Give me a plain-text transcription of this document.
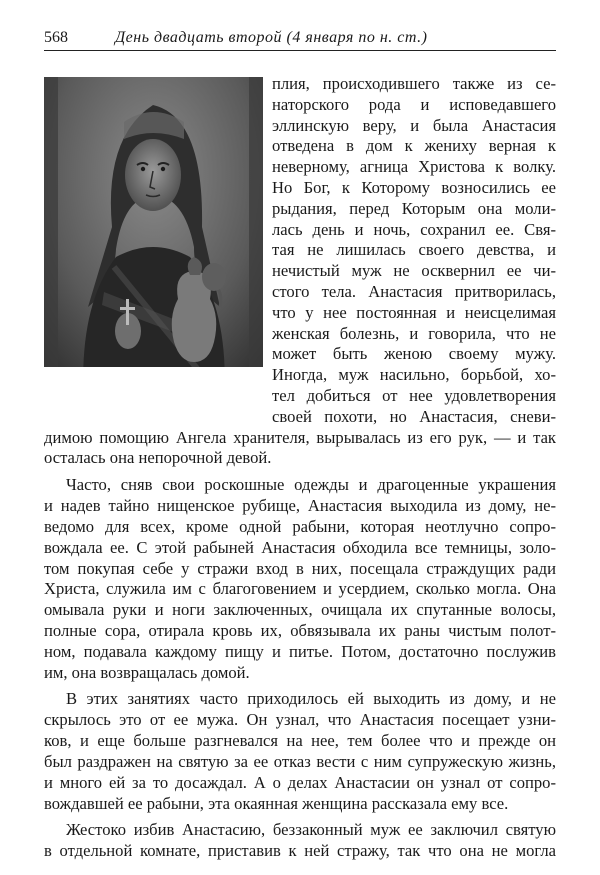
568	День двадцать второй (4 января по н. ст.)
плия, происходившего также из се-
наторского рода и исповедавшего
эллинскую веру, и была Анастасия
отведена в дом к жениху верная к
неверному, агница Христова к волку.
Но Бог, к Которому возносились ее
рыдания, перед Которым она моли-
лась день и ночь, сохранил ее. Свя-
тая не лишилась своего девства, и
нечистый муж не осквернил ее чи-
стого тела. Анастасия притворилась,
что у нее постоянная и неисцелимая
женская болезнь, и говорила, что не
может быть женою своему мужу.
Иногда, муж насильно, борьбой, хо-
тел добиться от нее удовлетворения
своей похоти, но Анастасия, сневи-
димою помощию Ангела хранителя, вырывалась из его рук, — и так
осталась она непорочной девой.
Часто, сняв свои роскошные одежды и драгоценные украшения
и надев тайно нищенское рубище, Анастасия выходила из дому, не-
ведомо для всех, кроме одной рабыни, которая неотлучно сопро-
вождала ее. С этой рабыней Анастасия обходила все темницы, золо-
том покупая себе у стражи вход в них, посещала страждущих ради
Христа, служила им с благоговением и усердием, сколько могла. Она
омывала руки и ноги заключенных, очищала их спутанные волосы,
полные сора, отирала кровь их, обвязывала их раны чистым полот-
ном, подавала каждому пищу и питье. Потом, достаточно послужив
им, она возвращалась домой.
В этих занятиях часто приходилось ей выходить из дому, и не
скрылось это от ее мужа. Он узнал, что Анастасия посещает узни-
ков, и еще больше разгневался на нее, тем более что и прежде он
был раздражен на святую за ее отказ вести с ним супружескую жизнь,
и много ей за то досаждал. А о делах Анастасии он узнал от сопро-
вождавшей ее рабыни, эта окаянная женщина рассказала ему все.
Жестоко избив Анастасию, беззаконный муж ее заключил святую
в отдельной комнате, приставив к ней стражу, так что она не могла
